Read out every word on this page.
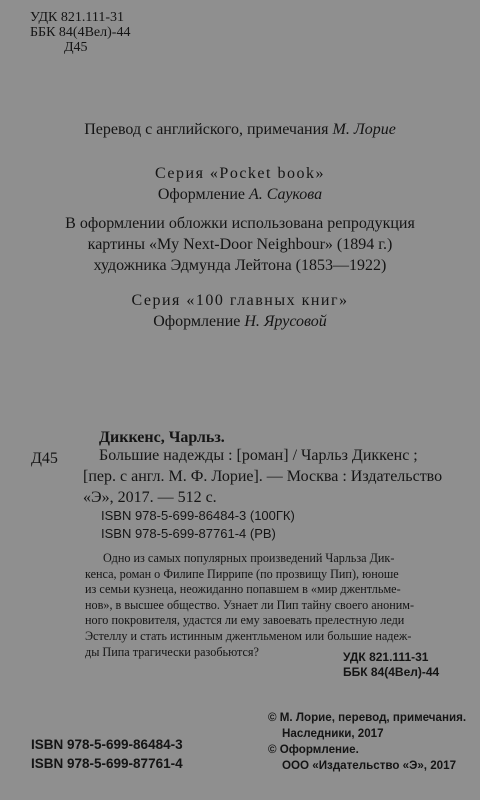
УДК 821.111-31
ББК 84(4Вел)-44
Д45
Перевод с английского, примечания М. Лорие
Серия «Pocket book»
Оформление А. Саукова
В оформлении обложки использована репродукция
картины «My Next-Door Neighbour» (1894 г.)
художника Эдмунда Лейтона (1853—1922)
Серия «100 главных книг»
Оформление Н. Ярусовой
Диккенс, Чарльз.
Д45	Большие надежды : [роман] / Чарльз Диккенс ;
[пер. с англ. М. Ф. Лорие]. — Москва : Издательство
«Э», 2017. — 512 с.
ISBN 978-5-699-86484-3 (100ГК)
ISBN 978-5-699-87761-4 (РВ)
Одно из самых популярных произведений Чарльза Дик-
кенса, роман о Филипе Пиррипе (по прозвищу Пип), юноше
из семьи кузнеца, неожиданно попавшем в «мир джентльме-
нов», в высшее общество. Узнает ли Пип тайну своего аноним-
ного покровителя, удастся ли ему завоевать прелестную леди
Эстеллу и стать истинным джентльменом или большие надеж-
ды Пипа трагически разобьются?	УДК 821.111-31
ББК 84(4Вел)-44
ISBN 978-5-699-86484-3
ISBN 978-5-699-87761-4
© М. Лорие, перевод, примечания.
Наследники, 2017
© Оформление.
ООО «Издательство «Э», 2017
